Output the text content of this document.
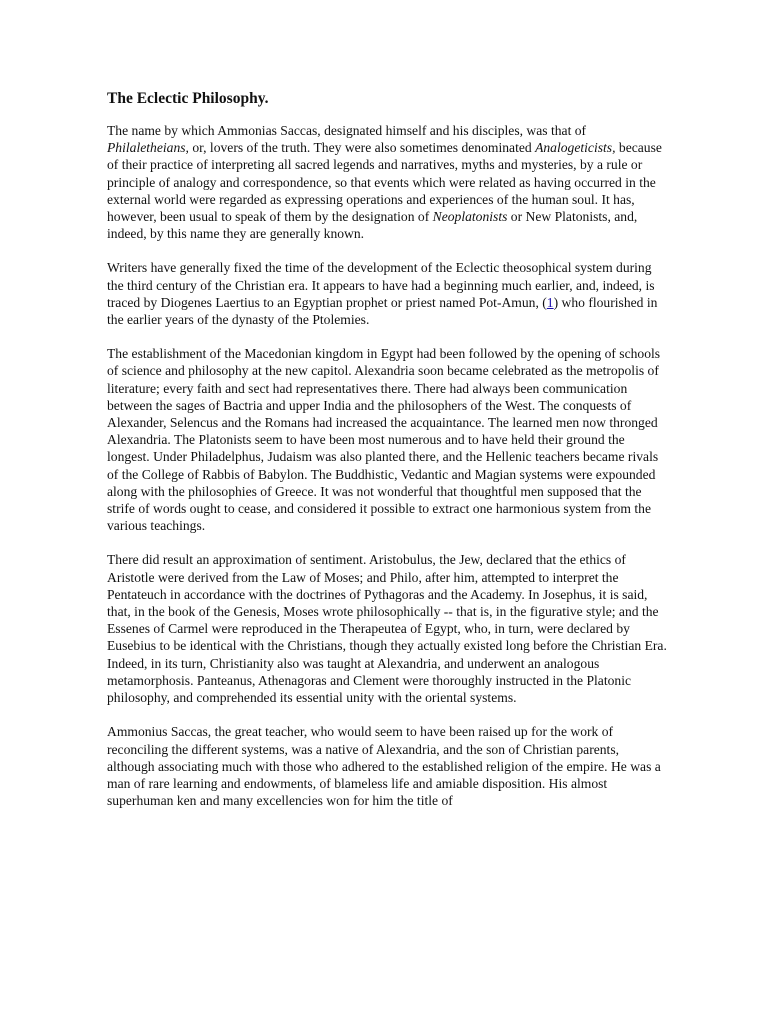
The Eclectic Philosophy.

The name by which Ammonias Saccas, designated himself and his disciples, was that of Philaletheians, or, lovers of the truth. They were also sometimes denominated Analogeticists, because of their practice of interpreting all sacred legends and narratives, myths and mysteries, by a rule or principle of analogy and correspondence, so that events which were related as having occurred in the external world were regarded as expressing operations and experiences of the human soul. It has, however, been usual to speak of them by the designation of Neoplatonists or New Platonists, and, indeed, by this name they are generally known.

Writers have generally fixed the time of the development of the Eclectic theosophical system during the third century of the Christian era. It appears to have had a beginning much earlier, and, indeed, is traced by Diogenes Laertius to an Egyptian prophet or priest named Pot-Amun, (1) who flourished in the earlier years of the dynasty of the Ptolemies.

The establishment of the Macedonian kingdom in Egypt had been followed by the opening of schools of science and philosophy at the new capitol. Alexandria soon became celebrated as the metropolis of literature; every faith and sect had representatives there. There had always been communication between the sages of Bactria and upper India and the philosophers of the West. The conquests of Alexander, Selencus and the Romans had increased the acquaintance. The learned men now thronged Alexandria. The Platonists seem to have been most numerous and to have held their ground the longest. Under Philadelphus, Judaism was also planted there, and the Hellenic teachers became rivals of the College of Rabbis of Babylon. The Buddhistic, Vedantic and Magian systems were expounded along with the philosophies of Greece. It was not wonderful that thoughtful men supposed that the strife of words ought to cease, and considered it possible to extract one harmonious system from the various teachings.

There did result an approximation of sentiment. Aristobulus, the Jew, declared that the ethics of Aristotle were derived from the Law of Moses; and Philo, after him, attempted to interpret the Pentateuch in accordance with the doctrines of Pythagoras and the Academy. In Josephus, it is said, that, in the book of the Genesis, Moses wrote philosophically -- that is, in the figurative style; and the Essenes of Carmel were reproduced in the Therapeutea of Egypt, who, in turn, were declared by Eusebius to be identical with the Christians, though they actually existed long before the Christian Era. Indeed, in its turn, Christianity also was taught at Alexandria, and underwent an analogous metamorphosis. Panteanus, Athenagoras and Clement were thoroughly instructed in the Platonic philosophy, and comprehended its essential unity with the oriental systems.

Ammonius Saccas, the great teacher, who would seem to have been raised up for the work of reconciling the different systems, was a native of Alexandria, and the son of Christian parents, although associating much with those who adhered to the established religion of the empire. He was a man of rare learning and endowments, of blameless life and amiable disposition. His almost superhuman ken and many excellencies won for him the title of
